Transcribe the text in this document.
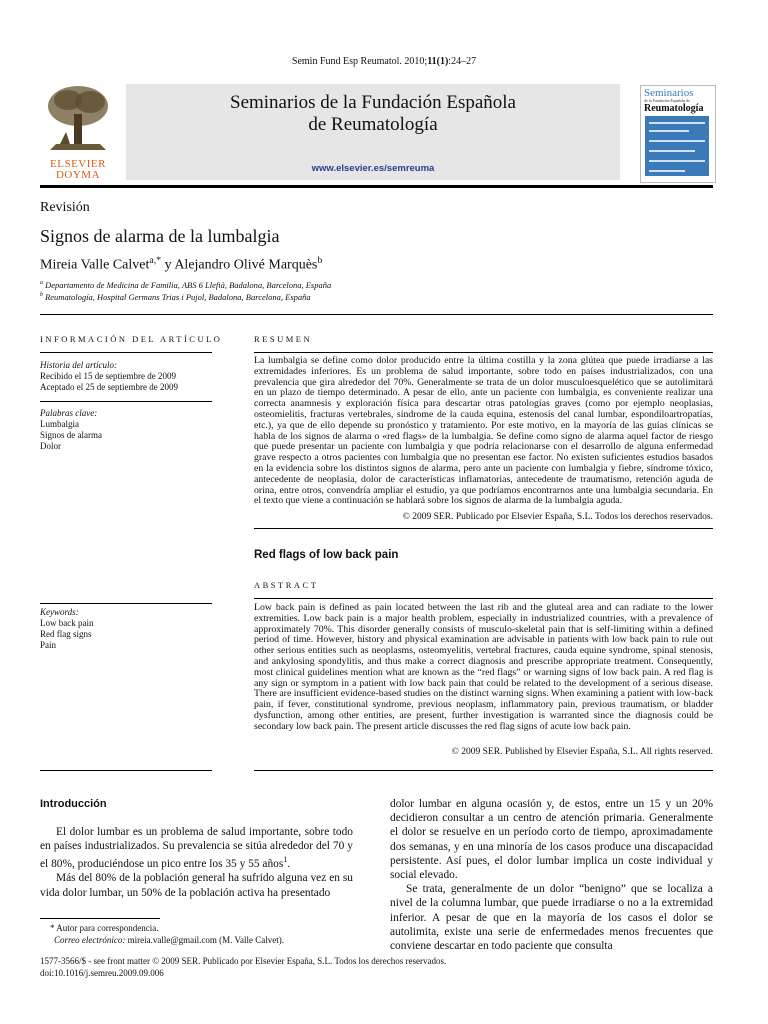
Semin Fund Esp Reumatol. 2010;11(1):24–27
ELSEVIER
DOYMA
Seminarios de la Fundación Española
de Reumatología
www.elsevier.es/semreuma
Seminarios
de la Fundación Española de
Reumatología
Revisión
Signos de alarma de la lumbalgia
Mireia Valle Calvet$^{a,*}$ y Alejandro Olivé Marquès$^b$
$^a$ Departamento de Medicina de Familia, ABS 6 Llefià, Badalona, Barcelona, España
$^b$ Reumatología, Hospital Germans Trias i Pujol, Badalona, Barcelona, España
INFORMACIÓN DEL ARTÍCULO
Historia del artículo:
Recibido el 15 de septiembre de 2009
Aceptado el 25 de septiembre de 2009
Palabras clave:
Lumbalgia
Signos de alarma
Dolor
Keywords:
Low back pain
Red flag signs
Pain
RESUMEN
La lumbalgia se define como dolor producido entre la última costilla y la zona glútea que puede irradiarse a las extremidades inferiores. Es un problema de salud importante, sobre todo en países industrializados, con una prevalencia que gira alrededor del 70%. Generalmente se trata de un dolor musculoesquelético que se autolimitará en un plazo de tiempo determinado. A pesar de ello, ante un paciente con lumbalgia, es conveniente realizar una correcta anamnesis y exploración física para descartar otras patologías graves (como por ejemplo neoplasias, osteomielitis, fracturas vertebrales, síndrome de la cauda equina, estenosis del canal lumbar, espondiloartropatías, etc.), ya que de ello depende su pronóstico y tratamiento. Por este motivo, en la mayoría de las guías clínicas se habla de los signos de alarma o «red flags» de la lumbalgia. Se define como signo de alarma aquel factor de riesgo que puede presentar un paciente con lumbalgia y que podría relacionarse con el desarrollo de alguna enfermedad grave respecto a otros pacientes con lumbalgia que no presentan ese factor. No existen suficientes estudios basados en la evidencia sobre los distintos signos de alarma, pero ante un paciente con lumbalgia y fiebre, síndrome tóxico, antecedente de neoplasia, dolor de características inflamatorias, antecedente de traumatismo, retención aguda de orina, entre otros, convendría ampliar el estudio, ya que podríamos encontrarnos ante una lumbalgia secundaria. En el texto que viene a continuación se hablará sobre los signos de alarma de la lumbalgia aguda.
© 2009 SER. Publicado por Elsevier España, S.L. Todos los derechos reservados.
Red flags of low back pain
ABSTRACT
Low back pain is defined as pain located between the last rib and the gluteal area and can radiate to the lower extremities. Low back pain is a major health problem, especially in industrialized countries, with a prevalence of approximately 70%. This disorder generally consists of musculo-skeletal pain that is self-limiting within a defined period of time. However, history and physical examination are advisable in patients with low back pain to rule out other serious entities such as neoplasms, osteomyelitis, vertebral fractures, cauda equine syndrome, spinal stenosis, and ankylosing spondylitis, and thus make a correct diagnosis and prescribe appropriate treatment. Consequently, most clinical guidelines mention what are known as the “red flags” or warning signs of low back pain. A red flag is any sign or symptom in a patient with low back pain that could be related to the development of a serious disease. There are insufficient evidence-based studies on the distinct warning signs. When examining a patient with low-back pain, if fever, constitutional syndrome, previous neoplasm, inflammatory pain, previous traumatism, or bladder dysfunction, among other entities, are present, further investigation is warranted since the diagnosis could be secondary low back pain. The present article discusses the red flag signs of acute low back pain.
© 2009 SER. Published by Elsevier España, S.L. All rights reserved.
Introducción

El dolor lumbar es un problema de salud importante, sobre todo en países industrializados. Su prevalencia se sitúa alrededor del 70 y el 80%, produciéndose un pico entre los 35 y 55 años$^1$.

Más del 80% de la población general ha sufrido alguna vez en su vida dolor lumbar, un 50% de la población activa ha presentado

dolor lumbar en alguna ocasión y, de estos, entre un 15 y un 20% decidieron consultar a un centro de atención primaria. Generalmente el dolor se resuelve en un período corto de tiempo, aproximadamente dos semanas, y en una minoría de los casos produce una discapacidad persistente. Así pues, el dolor lumbar implica un coste individual y social elevado.

Se trata, generalmente de un dolor “benigno” que se localiza a nivel de la columna lumbar, que puede irradiarse o no a la extremidad inferior. A pesar de que en la mayoría de los casos el dolor se autolimita, existe una serie de enfermedades menos frecuentes que conviene descartar en todo paciente que consulta

* Autor para correspondencia.
Correo electrónico: mireia.valle@gmail.com (M. Valle Calvet).
1577-3566/$ - see front matter © 2009 SER. Publicado por Elsevier España, S.L. Todos los derechos reservados.
doi:10.1016/j.semreu.2009.09.006
